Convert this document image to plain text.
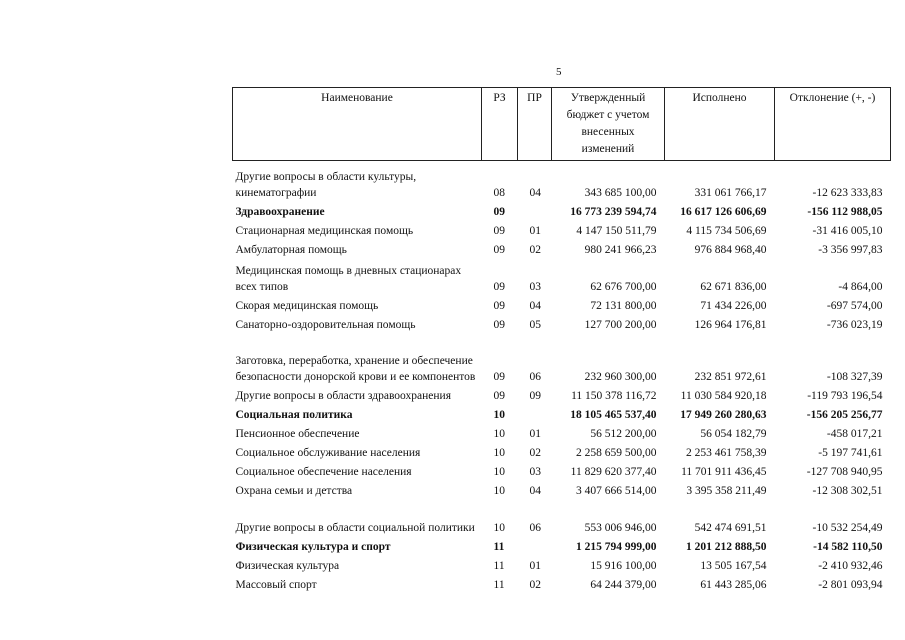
5
Наименование	РЗ	ПР	Утвержденный бюджет с учетом внесенных изменений	Исполнено	Отклонение (+, -)
Другие вопросы в области культуры, кинематографии	08	04	343 685 100,00	331 061 766,17	-12 623 333,83
Здравоохранение	09		16 773 239 594,74	16 617 126 606,69	-156 112 988,05
Стационарная медицинская помощь	09	01	4 147 150 511,79	4 115 734 506,69	-31 416 005,10
Амбулаторная помощь	09	02	980 241 966,23	976 884 968,40	-3 356 997,83
Медицинская помощь в дневных стационарах всех типов	09	03	62 676 700,00	62 671 836,00	-4 864,00
Скорая медицинская помощь	09	04	72 131 800,00	71 434 226,00	-697 574,00
Санаторно-оздоровительная помощь	09	05	127 700 200,00	126 964 176,81	-736 023,19
Заготовка, переработка, хранение и обеспечение безопасности донорской крови и ее компонентов	09	06	232 960 300,00	232 851 972,61	-108 327,39
Другие вопросы в области здравоохранения	09	09	11 150 378 116,72	11 030 584 920,18	-119 793 196,54
Социальная политика	10		18 105 465 537,40	17 949 260 280,63	-156 205 256,77
Пенсионное обеспечение	10	01	56 512 200,00	56 054 182,79	-458 017,21
Социальное обслуживание населения	10	02	2 258 659 500,00	2 253 461 758,39	-5 197 741,61
Социальное обеспечение населения	10	03	11 829 620 377,40	11 701 911 436,45	-127 708 940,95
Охрана семьи и детства	10	04	3 407 666 514,00	3 395 358 211,49	-12 308 302,51
Другие вопросы в области социальной политики	10	06	553 006 946,00	542 474 691,51	-10 532 254,49
Физическая культура и спорт	11		1 215 794 999,00	1 201 212 888,50	-14 582 110,50
Физическая культура	11	01	15 916 100,00	13 505 167,54	-2 410 932,46
Массовый спорт	11	02	64 244 379,00	61 443 285,06	-2 801 093,94
